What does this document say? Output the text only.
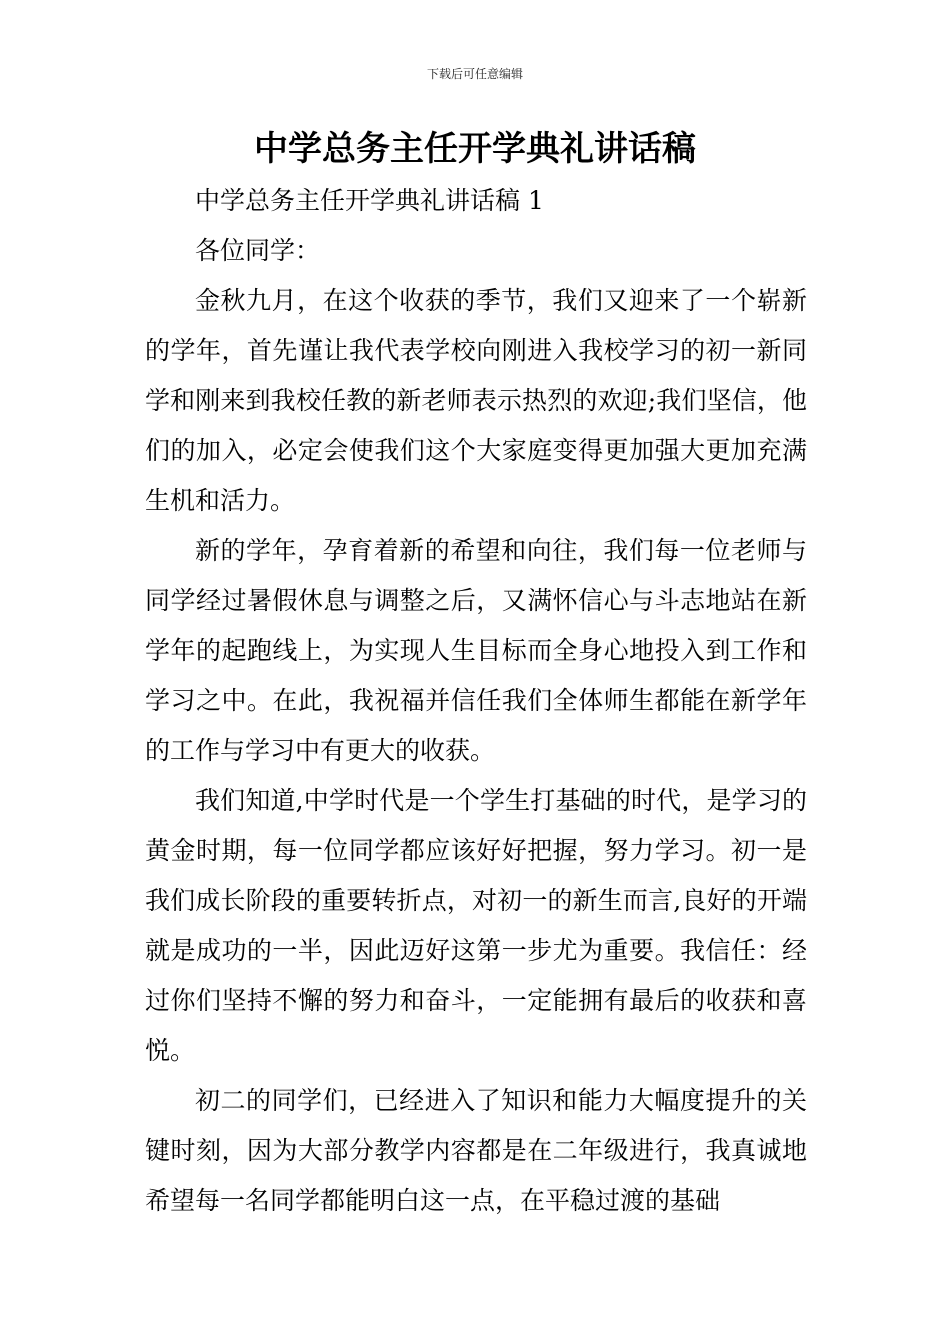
下载后可任意编辑
中学总务主任开学典礼讲话稿

中学总务主任开学典礼讲话稿 1

各位同学：

金秋九月，在这个收获的季节，我们又迎来了一个崭新的学年，首先谨让我代表学校向刚进入我校学习的初一新同学和刚来到我校任教的新老师表示热烈的欢迎;我们坚信，他们的加入，必定会使我们这个大家庭变得更加强大更加充满生机和活力。

新的学年，孕育着新的希望和向往，我们每一位老师与同学经过暑假休息与调整之后，又满怀信心与斗志地站在新学年的起跑线上，为实现人生目标而全身心地投入到工作和学习之中。在此，我祝福并信任我们全体师生都能在新学年的工作与学习中有更大的收获。

我们知道,中学时代是一个学生打基础的时代，是学习的黄金时期，每一位同学都应该好好把握，努力学习。初一是我们成长阶段的重要转折点，对初一的新生而言,良好的开端就是成功的一半，因此迈好这第一步尤为重要。我信任：经过你们坚持不懈的努力和奋斗，一定能拥有最后的收获和喜悦。

初二的同学们，已经进入了知识和能力大幅度提升的关键时刻，因为大部分教学内容都是在二年级进行，我真诚地希望每一名同学都能明白这一点，在平稳过渡的基础
